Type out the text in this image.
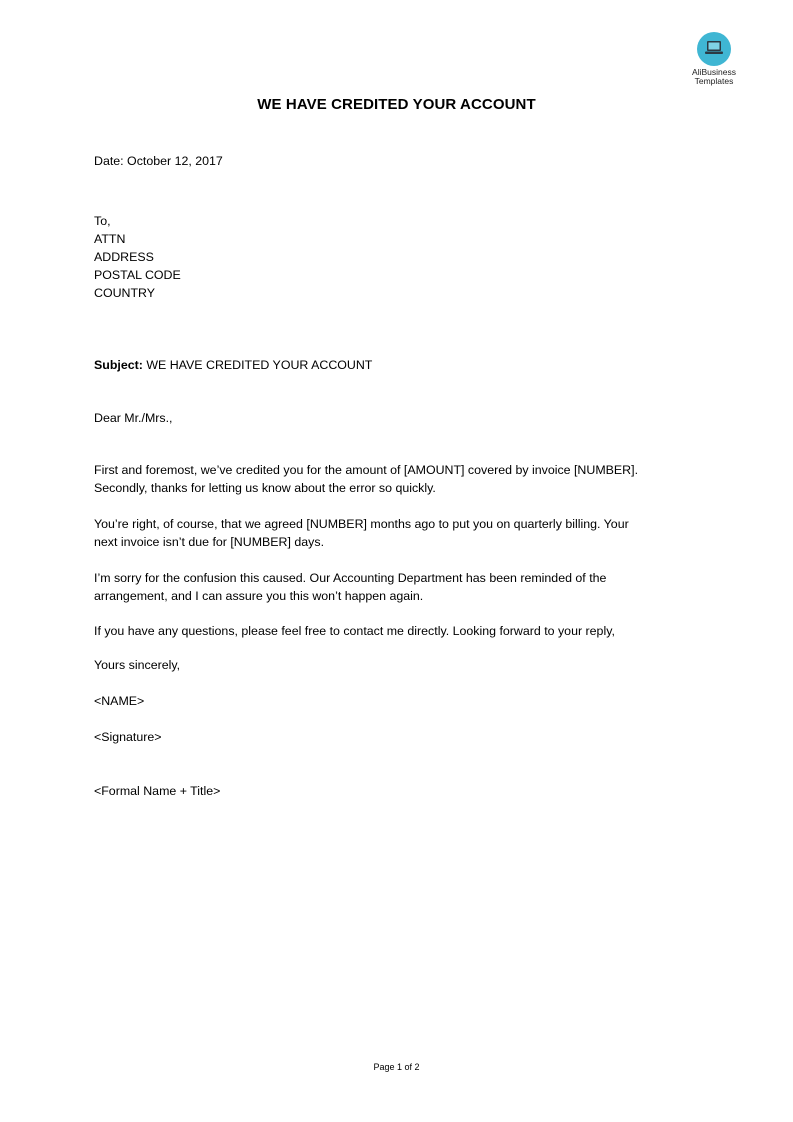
AliBusiness
Templates
WE HAVE CREDITED YOUR ACCOUNT
Date: October 12, 2017
To,
ATTN
ADDRESS
POSTAL CODE
COUNTRY
Subject: WE HAVE CREDITED YOUR ACCOUNT
Dear Mr./Mrs.,
First and foremost, we’ve credited you for the amount of [AMOUNT] covered by invoice [NUMBER].
Secondly, thanks for letting us know about the error so quickly.
You’re right, of course, that we agreed [NUMBER] months ago to put you on quarterly billing. Your
next invoice isn’t due for [NUMBER] days.
I’m sorry for the confusion this caused. Our Accounting Department has been reminded of the
arrangement, and I can assure you this won’t happen again.
If you have any questions, please feel free to contact me directly. Looking forward to your reply,
Yours sincerely,
<NAME>
<Signature>
<Formal Name + Title>
Page 1 of 2
